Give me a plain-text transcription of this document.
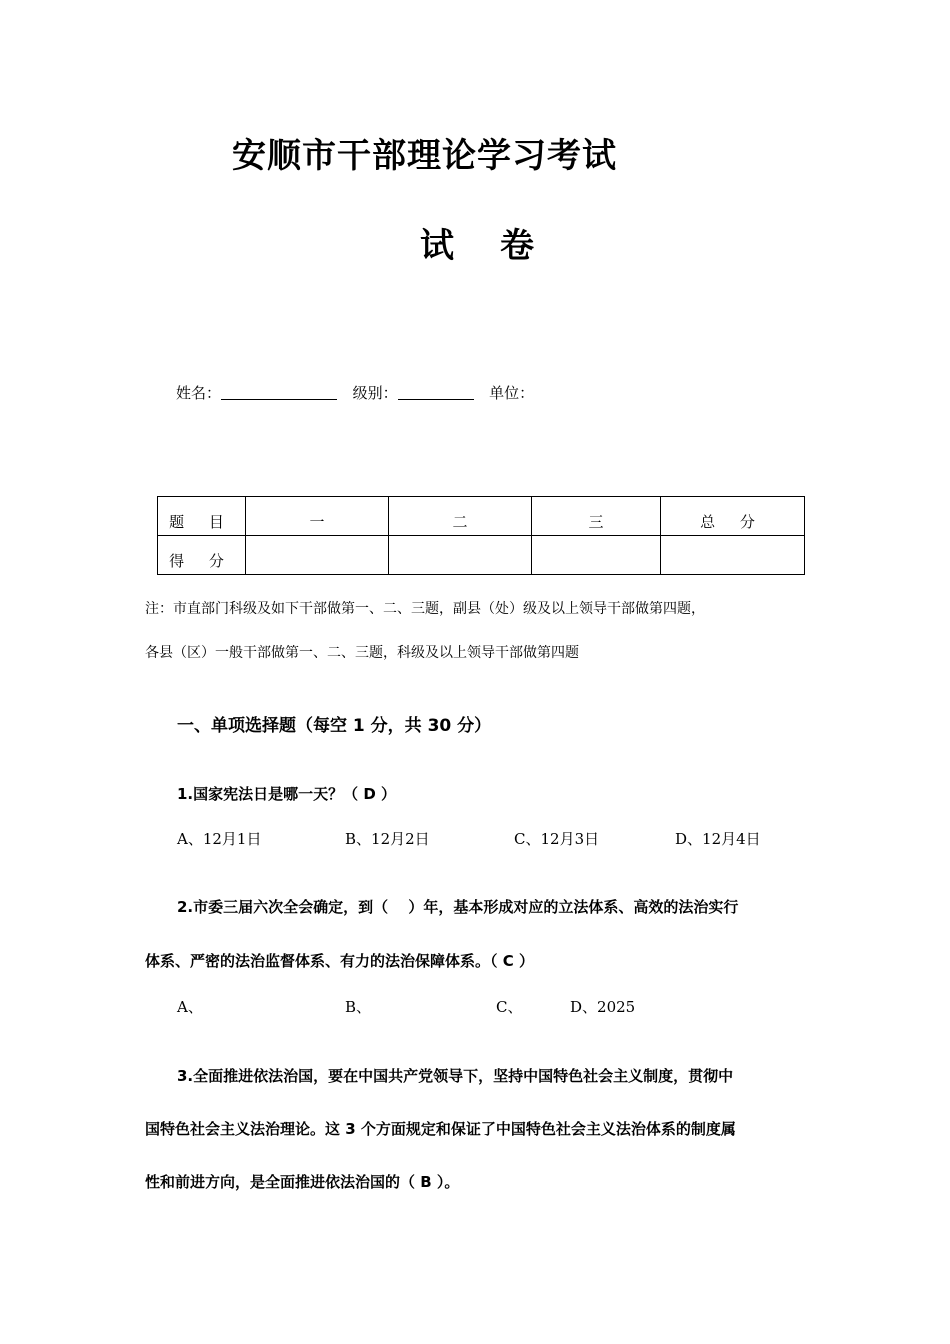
安顺市干部理论学习考试
试 卷
姓名：	级别：	单位：
题 目	一	二	三	总 分
得 分				
注：市直部门科级及如下干部做第一、二、三题，副县（处）级及以上领导干部做第四题，
各县（区）一般干部做第一、二、三题，科级及以上领导干部做第四题
一、单项选择题（每空 1 分，共 30 分）
1.国家宪法日是哪一天？（ D ）
A、12月1日	B、12月2日	C、12月3日	D、12月4日
2.市委三届六次全会确定，到（　 ）年，基本形成对应的立法体系、高效的法治实行
体系、严密的法治监督体系、有力的法治保障体系。（ C ）
A、	B、	C、	D、2025
3.全面推进依法治国，要在中国共产党领导下，坚持中国特色社会主义制度，贯彻中
国特色社会主义法治理论。这 3 个方面规定和保证了中国特色社会主义法治体系的制度属
性和前进方向，是全面推进依法治国的（ B ）。
